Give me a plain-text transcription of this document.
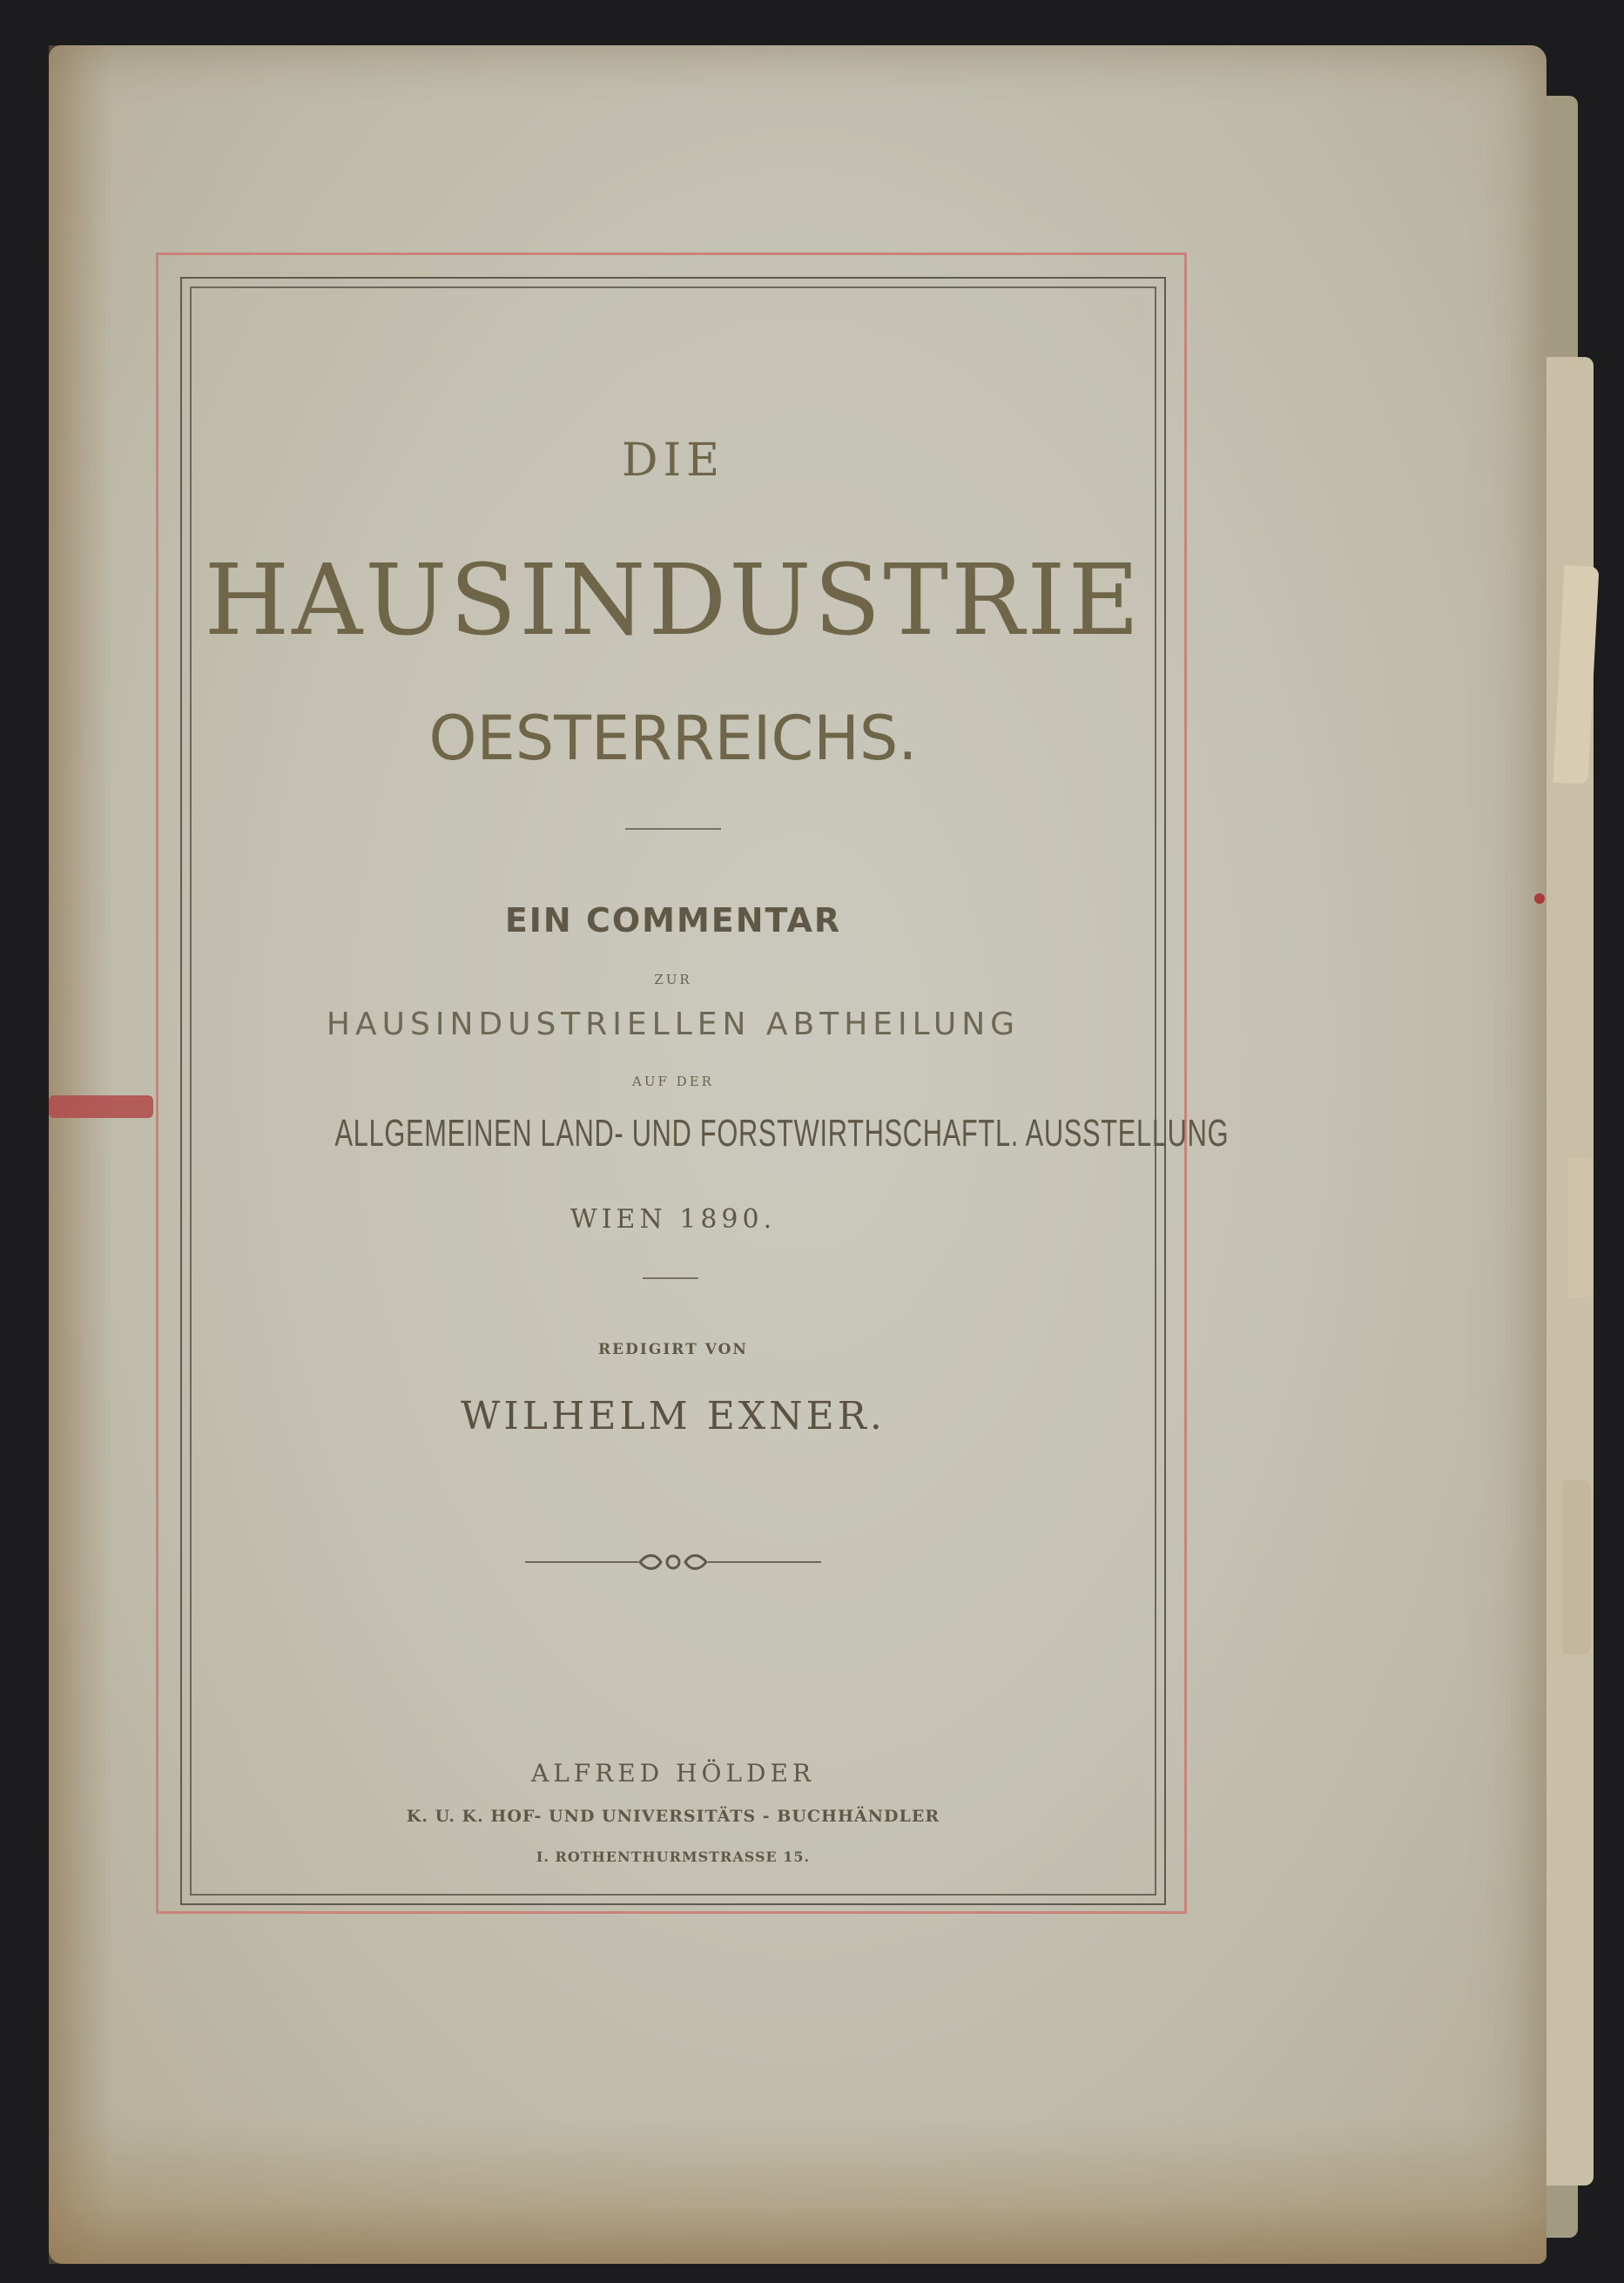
DIE
HAUSINDUSTRIE
OESTERREICHS.
EIN COMMENTAR
ZUR
HAUSINDUSTRIELLEN ABTHEILUNG
AUF DER
ALLGEMEINEN LAND- UND FORSTWIRTHSCHAFTL. AUSSTELLUNG
WIEN 1890.
REDIGIRT VON
WILHELM EXNER.
ALFRED HÖLDER
K. U. K. HOF- UND UNIVERSITÄTS - BUCHHÄNDLER
I. ROTHENTHURMSTRASSE 15.
